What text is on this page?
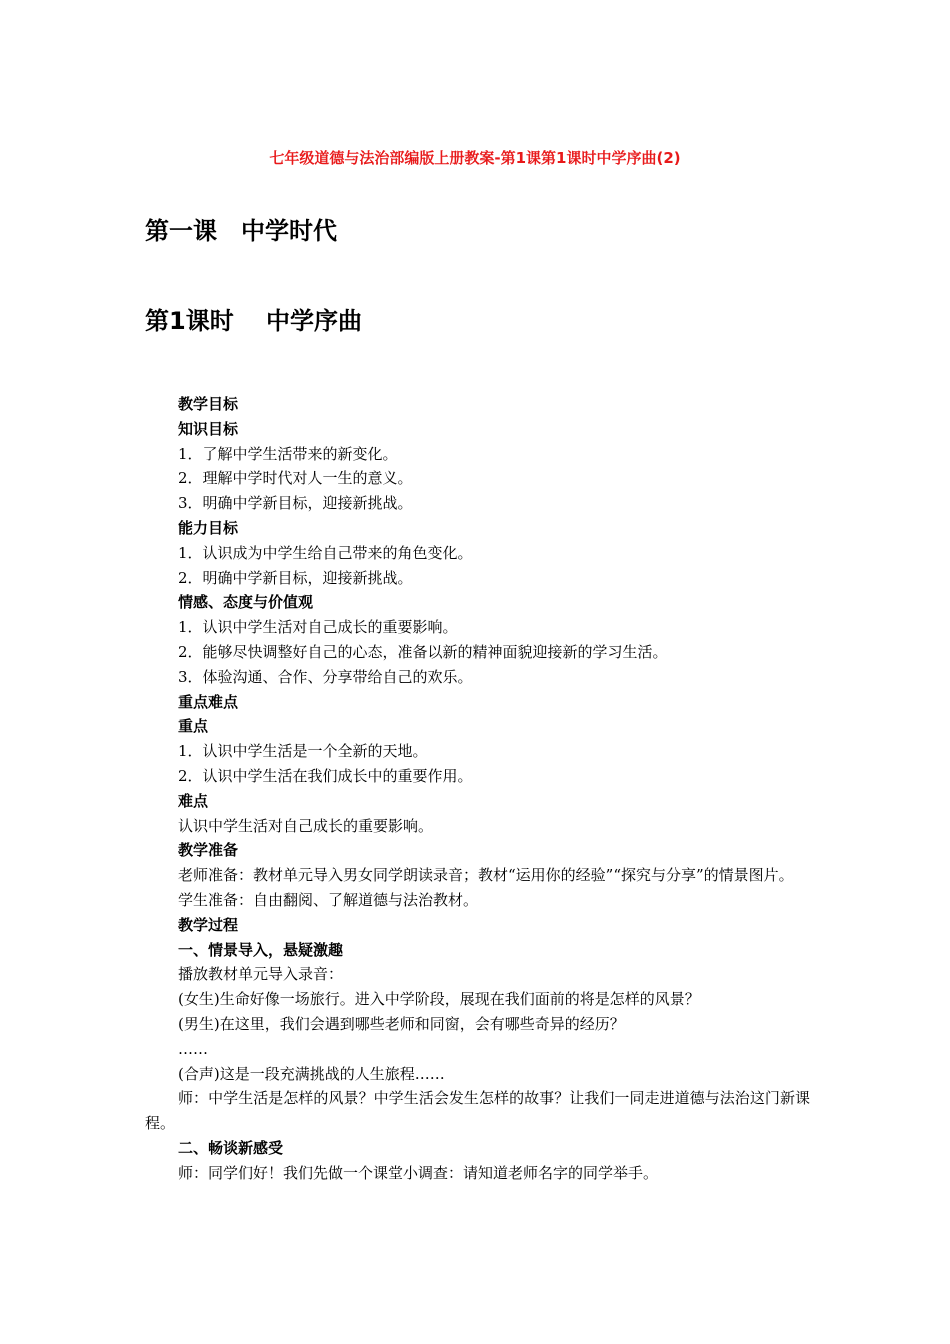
七年级道德与法治部编版上册教案-第1课第1课时中学序曲(2)
第一课　中学时代
第1课时　 中学序曲

教学目标

知识目标

1．了解中学生活带来的新变化。

2．理解中学时代对人一生的意义。

3．明确中学新目标，迎接新挑战。

能力目标

1．认识成为中学生给自己带来的角色变化。

2．明确中学新目标，迎接新挑战。

情感、态度与价值观

1．认识中学生活对自己成长的重要影响。

2．能够尽快调整好自己的心态，准备以新的精神面貌迎接新的学习生活。

3．体验沟通、合作、分享带给自己的欢乐。

重点难点

重点

1．认识中学生活是一个全新的天地。

2．认识中学生活在我们成长中的重要作用。

难点

认识中学生活对自己成长的重要影响。

教学准备

老师准备：教材单元导入男女同学朗读录音；教材“运用你的经验”“探究与分享”的情景图片。

学生准备：自由翻阅、了解道德与法治教材。

教学过程

一、情景导入，悬疑激趣

播放教材单元导入录音：

(女生)生命好像一场旅行。进入中学阶段，展现在我们面前的将是怎样的风景？

(男生)在这里，我们会遇到哪些老师和同窗，会有哪些奇异的经历？

……

(合声)这是一段充满挑战的人生旅程……

师：中学生活是怎样的风景？中学生活会发生怎样的故事？让我们一同走进道德与法治这门新课程。

二、畅谈新感受

师：同学们好！我们先做一个课堂小调查：请知道老师名字的同学举手。
